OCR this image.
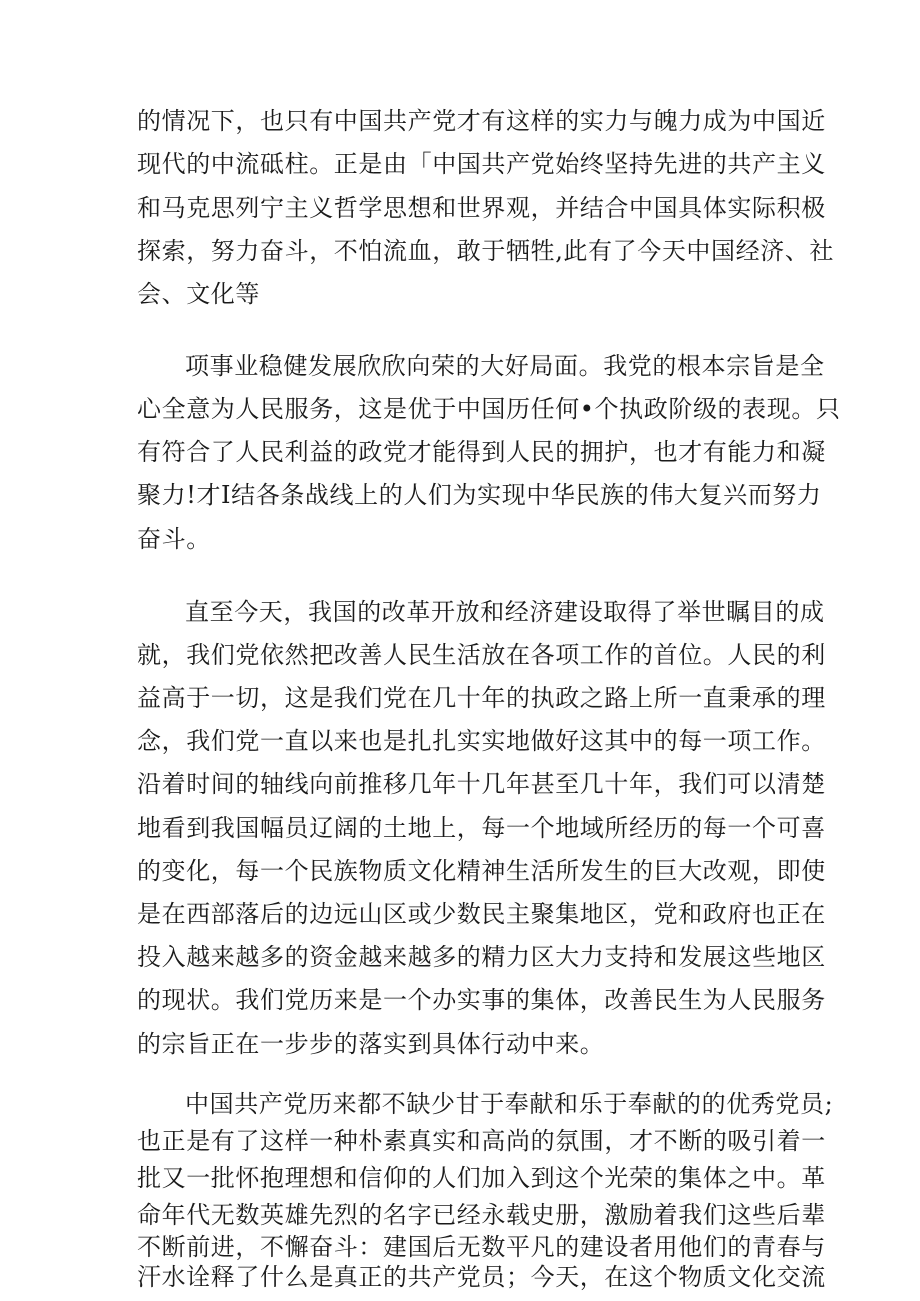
的情况下，也只有中国共产党才有这样的实力与魄力成为中国近
现代的中流砥柱。正是由「中国共产党始终坚持先进的共产主义
和马克思列宁主义哲学思想和世界观，并结合中国具体实际积极
探索，努力奋斗，不怕流血，敢于牺牲,此有了今天中国经济、社
会、文化等
项事业稳健发展欣欣向荣的大好局面。我党的根本宗旨是全
心全意为人民服务，这是优于中国历任何•个执政阶级的表现。只
有符合了人民利益的政党才能得到人民的拥护，也才有能力和凝
聚力!才I结各条战线上的人们为实现中华民族的伟大复兴而努力
奋斗。
直至今天，我国的改革开放和经济建设取得了举世瞩目的成
就，我们党依然把改善人民生活放在各项工作的首位。人民的利
益高于一切，这是我们党在几十年的执政之路上所一直秉承的理
念，我们党一直以来也是扎扎实实地做好这其中的每一项工作。
沿着时间的轴线向前推移几年十几年甚至几十年，我们可以清楚
地看到我国幅员辽阔的土地上，每一个地域所经历的每一个可喜
的变化，每一个民族物质文化精神生活所发生的巨大改观，即使
是在西部落后的边远山区或少数民主聚集地区，党和政府也正在
投入越来越多的资金越来越多的精力区大力支持和发展这些地区
的现状。我们党历来是一个办实事的集体，改善民生为人民服务
的宗旨正在一步步的落实到具体行动中来。
中国共产党历来都不缺少甘于奉献和乐于奉献的的优秀党员;
也正是有了这样一种朴素真实和高尚的氛围，才不断的吸引着一
批又一批怀抱理想和信仰的人们加入到这个光荣的集体之中。革
命年代无数英雄先烈的名字已经永载史册，激励着我们这些后辈
不断前进，不懈奋斗：建国后无数平凡的建设者用他们的青春与
汗水诠释了什么是真正的共产党员；今天，在这个物质文化交流
